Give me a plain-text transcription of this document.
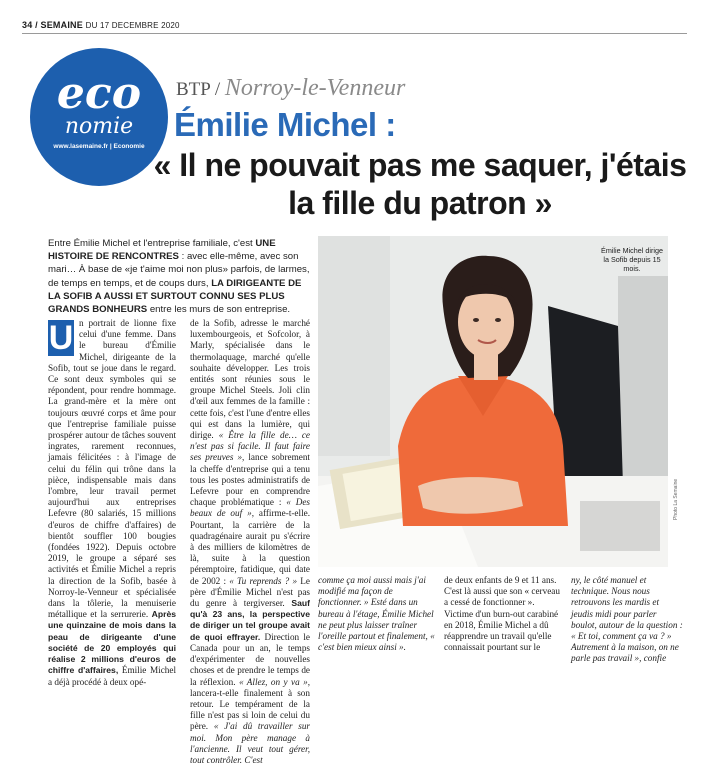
34 / SEMAINE DU 17 DECEMBRE 2020
eco
nomie
www.lasemaine.fr | Economie
BTP / Norroy-le-Venneur
Émilie Michel :
« Il ne pouvait pas me saquer, j'étais la fille du patron »
Entre Émilie Michel et l'entreprise familiale, c'est UNE HISTOIRE DE RENCONTRES : avec elle-même, avec son mari… À base de «je t'aime moi non plus» parfois, de larmes, de temps en temps, et de coups durs, LA DIRIGEANTE DE LA SOFIB A AUSSI ET SURTOUT CONNU SES PLUS GRANDS BONHEURS entre les murs de son entreprise.
U n portrait de lionne fixe celui d'une femme. Dans le bureau d'Émilie Michel, dirigeante de la Sofib, tout se joue dans le regard. Ce sont deux symboles qui se répondent, pour rendre hommage. La grand-mère et la mère ont toujours œuvré corps et âme pour que l'entreprise familiale puisse prospérer autour de tâches souvent ingrates, rarement reconnues, jamais félicitées : à l'image de celui du félin qui trône dans la pièce, indispensable mais dans l'ombre, leur travail permet aujourd'hui aux entreprises Lefevre (80 salariés, 15 millions d'euros de chiffre d'affaires) de bientôt souffler 100 bougies (fondées 1922). Depuis octobre 2019, le groupe a séparé ses activités et Émilie Michel a repris la direction de la Sofib, basée à Norroy-le-Venneur et spécialisée dans la tôlerie, la menuiserie métallique et la serrurerie. Après une quinzaine de mois dans la peau de dirigeante d'une société de 20 employés qui réalise 2 millions d'euros de chiffre d'affaires, Émilie Michel a déjà procédé à deux opé-
de la Sofib, adresse le marché luxembourgeois, et Sofcolor, à Marly, spécialisée dans le thermolaquage, marché qu'elle souhaite développer. Les trois entités sont réunies sous le groupe Michel Steels. Joli clin d'œil aux femmes de la famille : cette fois, c'est l'une d'entre elles qui est dans la lumière, qui dirige. « Être la fille de… ce n'est pas si facile. Il faut faire ses preuves », lance sobrement la cheffe d'entreprise qui a tenu tous les postes administratifs de Lefevre pour en comprendre chaque problématique : « Des beaux de ouf », affirme-t-elle. Pourtant, la carrière de la quadragénaire aurait pu s'écrire à des milliers de kilomètres de là, suite à la question péremptoire, fatidique, qui date de 2002 : « Tu reprends ? » Le père d'Émilie Michel n'est pas du genre à tergiverser. Sauf qu'à 23 ans, la perspective de diriger un tel groupe avait de quoi effrayer. Direction le Canada pour un an, le temps d'expérimenter de nouvelles choses et de prendre le temps de la réflexion. « Allez, on y va », lancera-t-elle finalement à son retour. Le tempérament de la fille n'est pas si loin de celui du père. « J'ai dû travailler sur moi. Mon père manage à l'ancienne. Il veut tout gérer, tout contrôler. C'est
Émilie Michel dirige la Sofib depuis 15 mois.
Photo La Semaine
comme ça moi aussi mais j'ai modifié ma façon de fonctionner. » Esté dans un bureau à l'étage, Émilie Michel ne peut plus laisser traîner l'oreille partout et finalement, « c'est bien mieux ainsi ».
de deux enfants de 9 et 11 ans. C'est là aussi que son « cerveau a cessé de fonctionner ». Victime d'un burn-out carabiné en 2018, Émilie Michel a dû réapprendre un travail qu'elle connaissait pourtant sur le
ny, le côté manuel et technique. Nous nous retrouvons les mardis et jeudis midi pour parler boulot, autour de la question : « Et toi, comment ça va ? » Autrement à la maison, on ne parle pas travail », confie
